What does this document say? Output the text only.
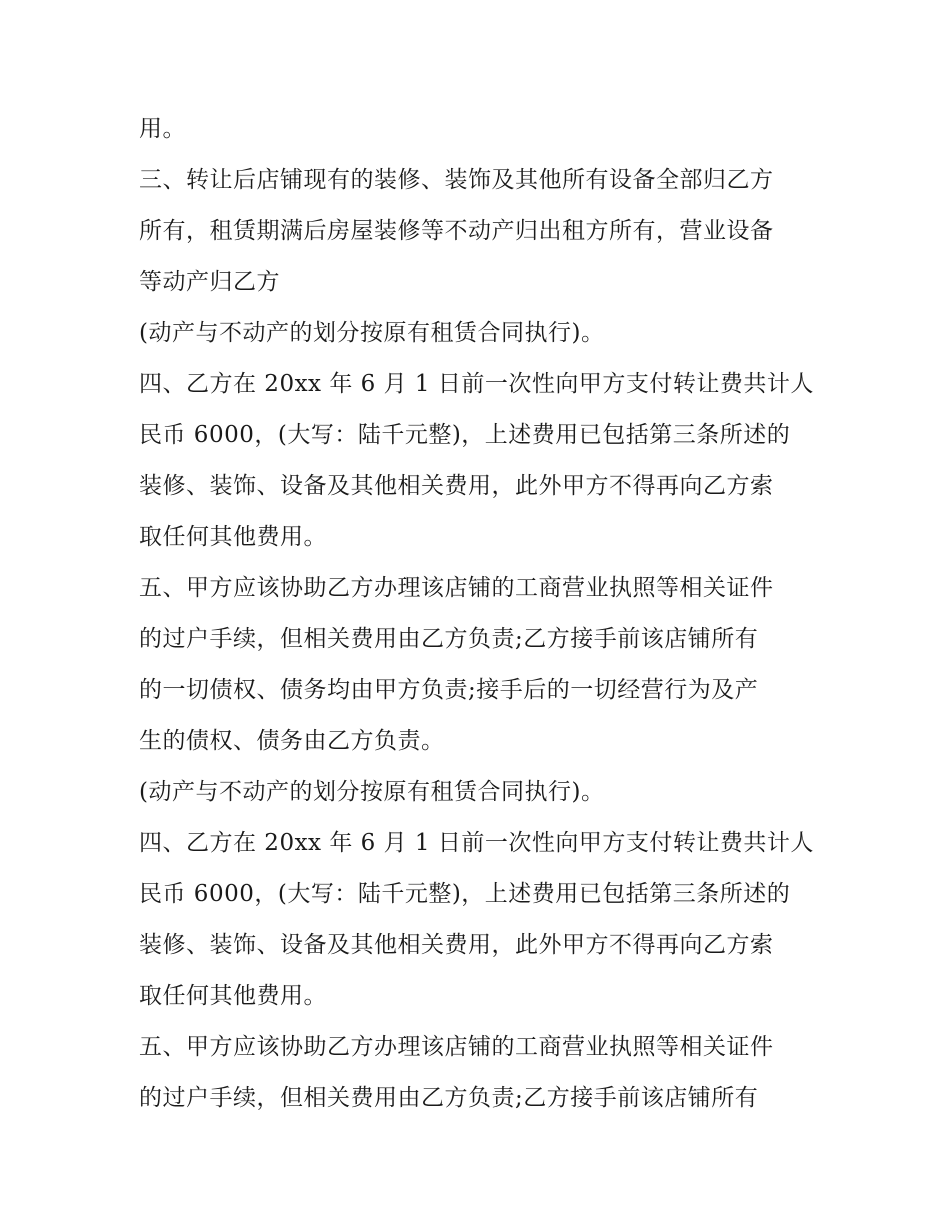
用。
三、转让后店铺现有的装修、装饰及其他所有设备全部归乙方
所有，租赁期满后房屋装修等不动产归出租方所有，营业设备
等动产归乙方
(动产与不动产的划分按原有租赁合同执行)。
四、乙方在 20xx 年 6 月 1 日前一次性向甲方支付转让费共计人
民币 6000，(大写：陆千元整)，上述费用已包括第三条所述的
装修、装饰、设备及其他相关费用，此外甲方不得再向乙方索
取任何其他费用。
五、甲方应该协助乙方办理该店铺的工商营业执照等相关证件
的过户手续，但相关费用由乙方负责;乙方接手前该店铺所有
的一切债权、债务均由甲方负责;接手后的一切经营行为及产
生的债权、债务由乙方负责。
(动产与不动产的划分按原有租赁合同执行)。
四、乙方在 20xx 年 6 月 1 日前一次性向甲方支付转让费共计人
民币 6000，(大写：陆千元整)，上述费用已包括第三条所述的
装修、装饰、设备及其他相关费用，此外甲方不得再向乙方索
取任何其他费用。
五、甲方应该协助乙方办理该店铺的工商营业执照等相关证件
的过户手续，但相关费用由乙方负责;乙方接手前该店铺所有
